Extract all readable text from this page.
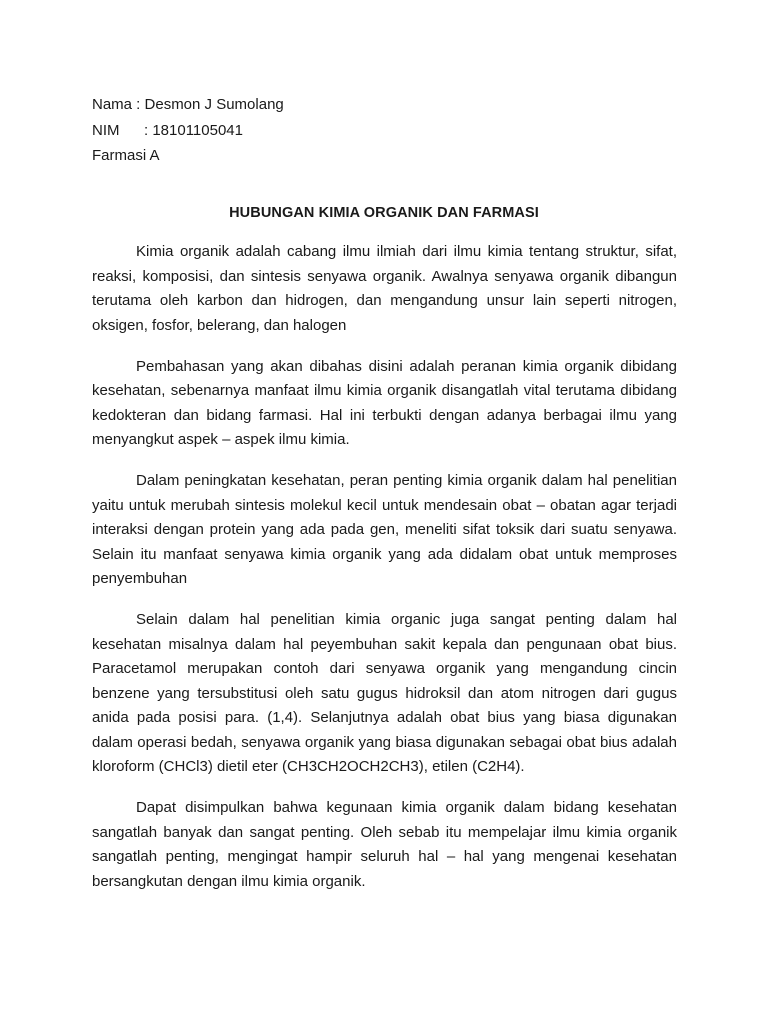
Nama : Desmon J Sumolang
NIM : 18101105041
Farmasi A
HUBUNGAN KIMIA ORGANIK DAN FARMASI

Kimia organik adalah cabang ilmu ilmiah dari ilmu kimia tentang struktur, sifat, reaksi, komposisi, dan sintesis senyawa organik. Awalnya senyawa organik dibangun terutama oleh karbon dan hidrogen, dan mengandung unsur lain seperti nitrogen, oksigen, fosfor, belerang, dan halogen

Pembahasan yang akan dibahas disini adalah peranan kimia organik dibidang kesehatan, sebenarnya manfaat ilmu kimia organik disangatlah vital terutama dibidang kedokteran dan bidang farmasi. Hal ini terbukti dengan adanya berbagai ilmu yang menyangkut aspek – aspek ilmu kimia.

Dalam peningkatan kesehatan, peran penting kimia organik dalam hal penelitian yaitu untuk merubah sintesis molekul kecil untuk mendesain obat – obatan agar terjadi interaksi dengan protein yang ada pada gen, meneliti sifat toksik dari suatu senyawa. Selain itu manfaat senyawa kimia organik yang ada didalam obat untuk memproses penyembuhan

Selain dalam hal penelitian kimia organic juga sangat penting dalam hal kesehatan misalnya dalam hal peyembuhan sakit kepala dan pengunaan obat bius. Paracetamol merupakan contoh dari senyawa organik yang mengandung cincin benzene yang tersubstitusi oleh satu gugus hidroksil dan atom nitrogen dari gugus anida pada posisi para. (1,4). Selanjutnya adalah obat bius yang biasa digunakan dalam operasi bedah, senyawa organik yang biasa digunakan sebagai obat bius adalah kloroform (CHCl3) dietil eter (CH3CH2OCH2CH3), etilen (C2H4).

Dapat disimpulkan bahwa kegunaan kimia organik dalam bidang kesehatan sangatlah banyak dan sangat penting. Oleh sebab itu mempelajar ilmu kimia organik sangatlah penting, mengingat hampir seluruh hal – hal yang mengenai kesehatan bersangkutan dengan ilmu kimia organik.
